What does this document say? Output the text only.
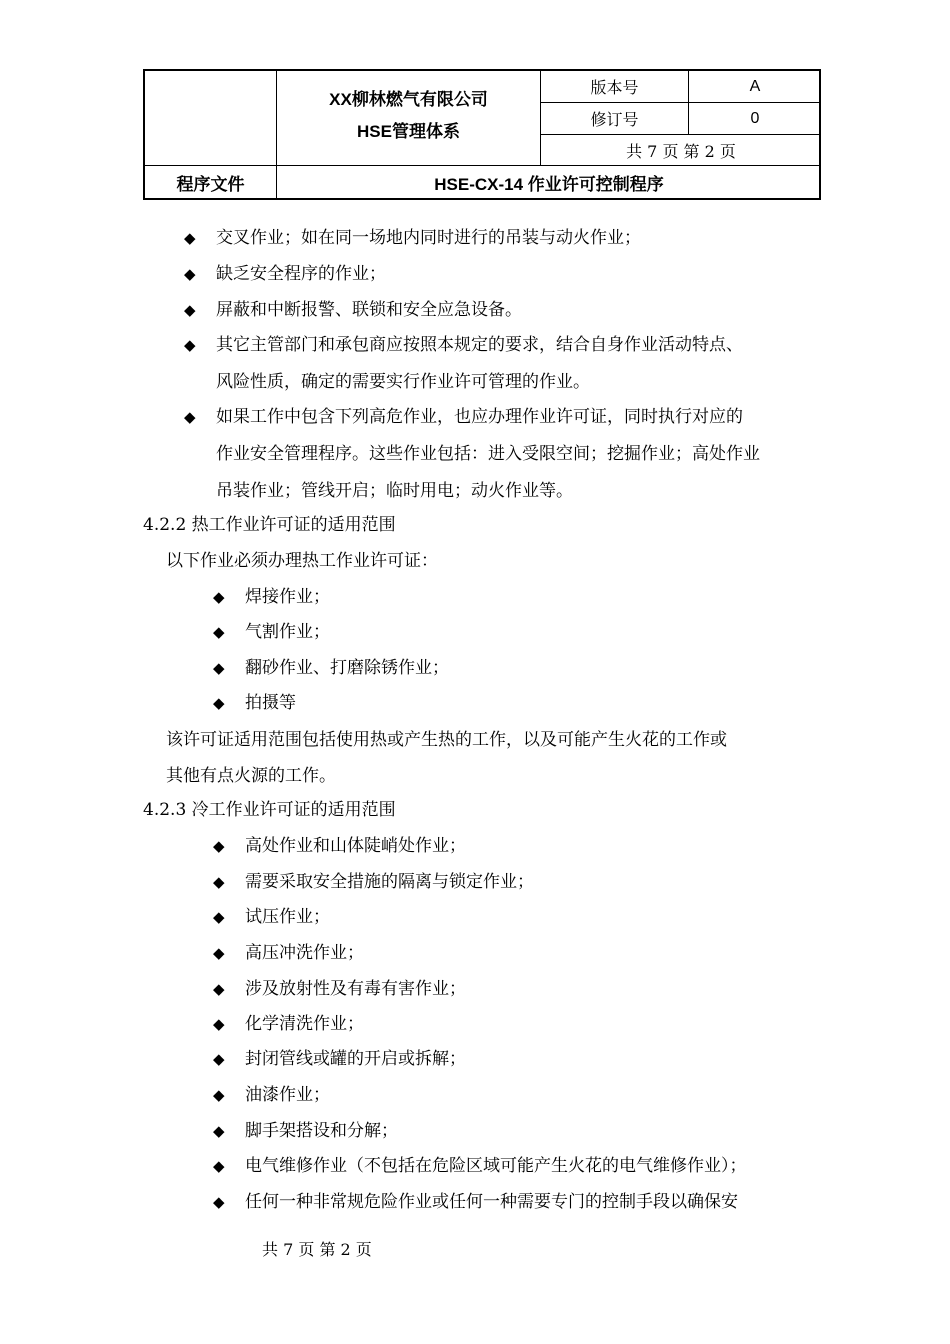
XX柳林燃气有限公司
HSE管理体系
版本号	A
修订号	0
共 7 页 第 2 页
程序文件	HSE-CX-14 作业许可控制程序
◆ 交叉作业；如在同一场地内同时进行的吊装与动火作业；
◆ 缺乏安全程序的作业；
◆ 屏蔽和中断报警、联锁和安全应急设备。
◆ 其它主管部门和承包商应按照本规定的要求，结合自身作业活动特点、
风险性质，确定的需要实行作业许可管理的作业。
◆ 如果工作中包含下列高危作业，也应办理作业许可证，同时执行对应的
作业安全管理程序。这些作业包括：进入受限空间；挖掘作业；高处作业
吊装作业；管线开启；临时用电；动火作业等。
4.2.2 热工作业许可证的适用范围
以下作业必须办理热工作业许可证：
◆ 焊接作业；
◆ 气割作业；
◆ 翻砂作业、打磨除锈作业；
◆ 拍摄等
该许可证适用范围包括使用热或产生热的工作，以及可能产生火花的工作或
其他有点火源的工作。
4.2.3 冷工作业许可证的适用范围
◆ 高处作业和山体陡峭处作业；
◆ 需要采取安全措施的隔离与锁定作业；
◆ 试压作业；
◆ 高压冲洗作业；
◆ 涉及放射性及有毒有害作业；
◆ 化学清洗作业；
◆ 封闭管线或罐的开启或拆解；
◆ 油漆作业；
◆ 脚手架搭设和分解；
◆ 电气维修作业（不包括在危险区域可能产生火花的电气维修作业）；
◆ 任何一种非常规危险作业或任何一种需要专门的控制手段以确保安
共 7 页 第 2 页
